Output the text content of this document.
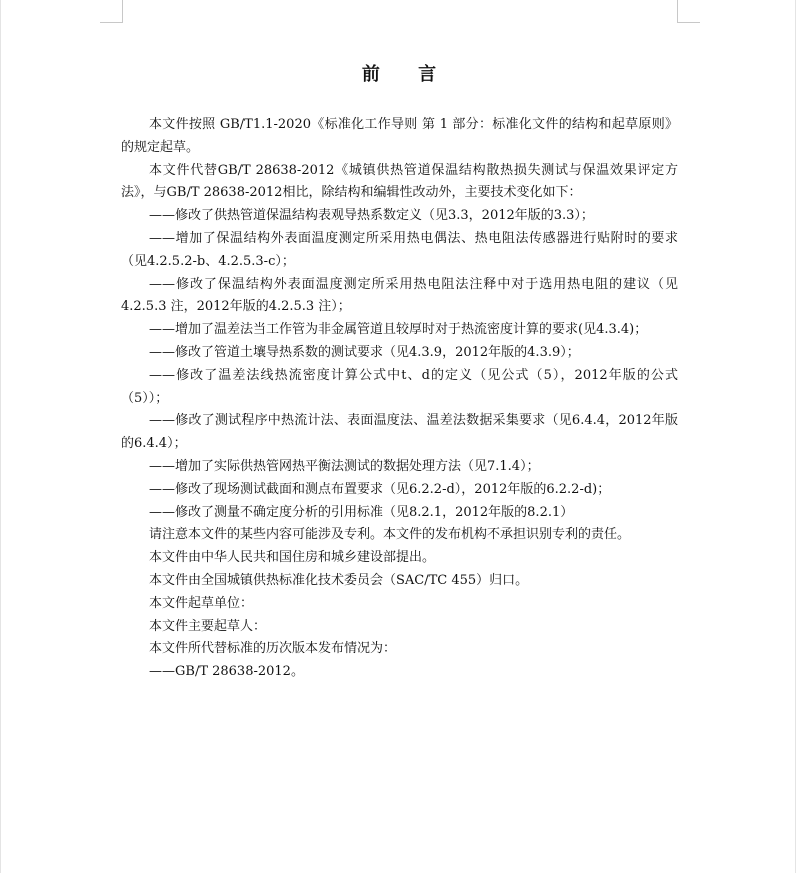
前 言

本文件按照 GB/T1.1-2020《标准化工作导则 第 1 部分：标准化文件的结构和起草原则》的规定起草。

本文件代替GB/T 28638-2012《城镇供热管道保温结构散热损失测试与保温效果评定方法》，与GB/T 28638-2012相比，除结构和编辑性改动外，主要技术变化如下：

——修改了供热管道保温结构表观导热系数定义（见3.3，2012年版的3.3）；

——增加了保温结构外表面温度测定所采用热电偶法、热电阻法传感器进行贴附时的要求（见4.2.5.2-b、4.2.5.3-c）；

——修改了保温结构外表面温度测定所采用热电阻法注释中对于选用热电阻的建议（见4.2.5.3 注，2012年版的4.2.5.3 注）；

——增加了温差法当工作管为非金属管道且较厚时对于热流密度计算的要求(见4.3.4)；

——修改了管道土壤导热系数的测试要求（见4.3.9，2012年版的4.3.9）；

——修改了温差法线热流密度计算公式中t、d的定义（见公式（5），2012年版的公式（5））；

——修改了测试程序中热流计法、表面温度法、温差法数据采集要求（见6.4.4，2012年版的6.4.4）；

——增加了实际供热管网热平衡法测试的数据处理方法（见7.1.4）；

——修改了现场测试截面和测点布置要求（见6.2.2-d），2012年版的6.2.2-d)；

——修改了测量不确定度分析的引用标准（见8.2.1，2012年版的8.2.1）

请注意本文件的某些内容可能涉及专利。本文件的发布机构不承担识别专利的责任。

本文件由中华人民共和国住房和城乡建设部提出。

本文件由全国城镇供热标准化技术委员会（SAC/TC 455）归口。

本文件起草单位：

本文件主要起草人：

本文件所代替标准的历次版本发布情况为：

——GB/T 28638-2012。
